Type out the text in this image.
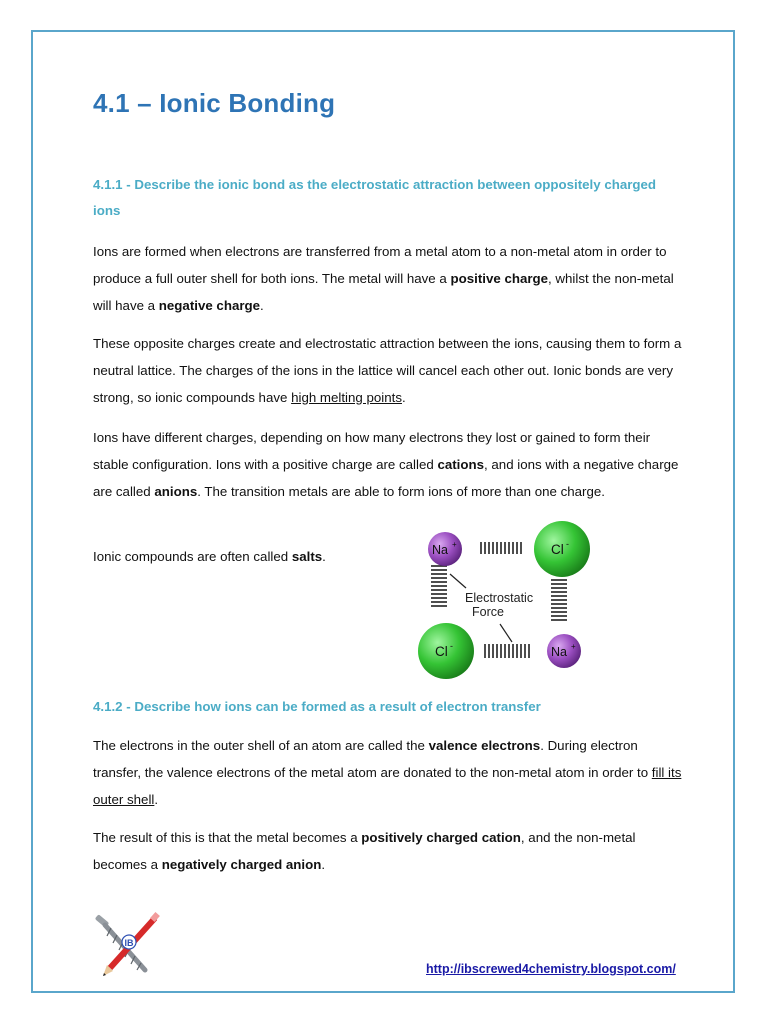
4.1 – Ionic Bonding

4.1.1 - Describe the ionic bond as the electrostatic attraction between oppositely charged ions

Ions are formed when electrons are transferred from a metal atom to a non-metal atom in order to produce a full outer shell for both ions. The metal will have a positive charge, whilst the non-metal will have a negative charge.

These opposite charges create and electrostatic attraction between the ions, causing them to form a neutral lattice. The charges of the ions in the lattice will cancel each other out. Ionic bonds are very strong, so ionic compounds have high melting points.

Ions have different charges, depending on how many electrons they lost or gained to form their stable configuration. Ions with a positive charge are called cations, and ions with a negative charge are called anions. The transition metals are able to form ions of more than one charge.

Ionic compounds are often called salts.

Electrostatic
Force
Na +	Cl -
Cl -	Na +

4.1.2 - Describe how ions can be formed as a result of electron transfer

The electrons in the outer shell of an atom are called the valence electrons. During electron transfer, the valence electrons of the metal atom are donated to the non-metal atom in order to fill its outer shell.

The result of this is that the metal becomes a positively charged cation, and the non-metal becomes a negatively charged anion.

IB
http://ibscrewed4chemistry.blogspot.com/
